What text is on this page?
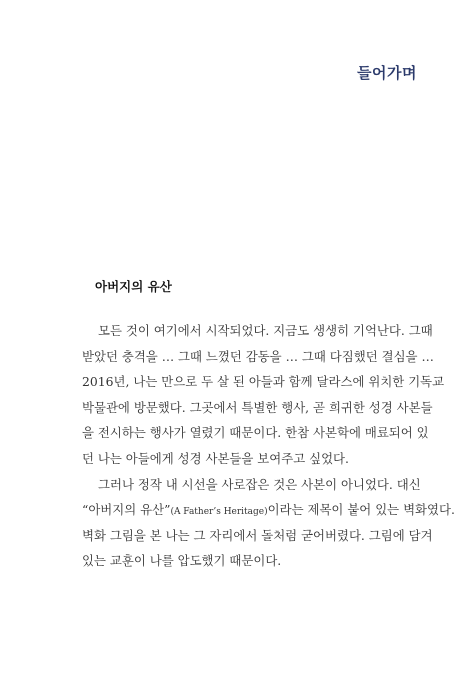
들어가며
아버지의 유산
모든 것이 여기에서 시작되었다. 지금도 생생히 기억난다. 그때
받았던 충격을 … 그때 느꼈던 감동을 … 그때 다짐했던 결심을 …
2016년, 나는 만으로 두 살 된 아들과 함께 달라스에 위치한 기독교
박물관에 방문했다. 그곳에서 특별한 행사, 곧 희귀한 성경 사본들
을 전시하는 행사가 열렸기 때문이다. 한참 사본학에 매료되어 있
던 나는 아들에게 성경 사본들을 보여주고 싶었다.
그러나 정작 내 시선을 사로잡은 것은 사본이 아니었다. 대신
“아버지의 유산”(A Father’s Heritage)이라는 제목이 붙어 있는 벽화였다.
벽화 그림을 본 나는 그 자리에서 돌처럼 굳어버렸다. 그림에 담겨
있는 교훈이 나를 압도했기 때문이다.
